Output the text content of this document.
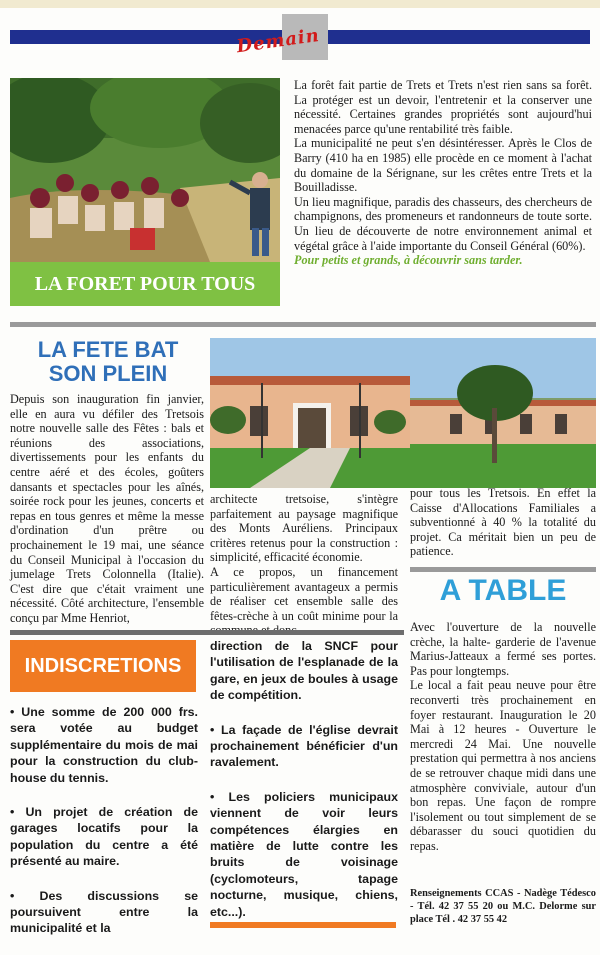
Demain
LA FORET POUR TOUS

La forêt fait partie de Trets et Trets n'est rien sans sa forêt. La protéger est un devoir, l'entretenir et la conserver une nécessité. Certaines grandes propriétés sont aujourd'hui menacées parce qu'une rentabilité très faible.

La municipalité ne peut s'en désintéresser. Après le Clos de Barry (410 ha en 1985) elle procède en ce moment à l'achat du domaine de la Sérignane, sur les crêtes entre Trets et la Bouilladisse.

Un lieu magnifique, paradis des chasseurs, des chercheurs de champignons, des promeneurs et randonneurs de toute sorte. Un lieu de découverte de notre environnement animal et végétal grâce à l'aide importante du Conseil Général (60%).

Pour petits et grands, à découvrir sans tarder.

LA FETE BAT
SON PLEIN
Depuis son inauguration fin janvier, elle en aura vu défiler des Tretsois notre nouvelle salle des Fêtes : bals et réunions des associations, divertissements pour les enfants du centre aéré et des écoles, goûters dansants et spectacles pour les aînés, soirée rock pour les jeunes, concerts et repas en tous genres et même la messe d'ordination d'un prêtre ou prochainement le 19 mai, une séance du Conseil Municipal à l'occasion du jumelage Trets Colonnella (Italie). C'est dire que c'était vraiment une nécessité. Côté architecture, l'ensemble conçu par Mme Henriot,
architecte tretsoise, s'intègre parfaitement au paysage magnifique des Monts Auréliens. Principaux critères retenus pour la construction : simplicité, efficacité économie.
A ce propos, un financement particulièrement avantageux a permis de réaliser cet ensemble salle des fêtes-crèche à un coût minime pour la
pour tous les Tretsois. En effet la Caisse d'Allocations Familiales a subventionné à 40 % la totalité du projet. Ca méritait bien un peu de patience.
A TABLE
Avec l'ouverture de la nouvelle crèche, la halte- garderie de l'avenue Marius-Jatteaux a fermé ses portes. Pas pour longtemps.
Le local a fait peau neuve pour être reconverti très prochainement en foyer restaurant. Inauguration le 20 Mai à 12 heures - Ouverture le mercredi 24 Mai. Une nouvelle prestation qui permettra à nos anciens de se retrouver chaque midi dans une atmosphère conviviale, autour d'un bon repas. Une façon de rompre l'isolement ou tout simplement de se débarasser du souci quotidien du repas.
Renseignements CCAS - Nadège Tédesco - Tél. 42 37 55 20 ou M.C. Delorme sur place Tél . 42 37 55 42
INDISCRETIONS

• Une somme de 200 000 frs. sera votée au budget supplémentaire du mois de mai pour la construction du club-house du tennis.

• Un projet de création de garages locatifs pour la population du centre a été présenté au maire.

• Des discussions se poursuivent entre la municipalité et la

direction de la SNCF pour l'utilisation de l'esplanade de la gare, en jeux de boules à usage de compétition.

• La façade de l'église devrait prochainement bénéficier d'un ravalement.

• Les policiers municipaux viennent de voir leurs compétences élargies en matière de lutte contre les bruits de voisinage (cyclomoteurs, tapage nocturne, musique, chiens, etc...).
